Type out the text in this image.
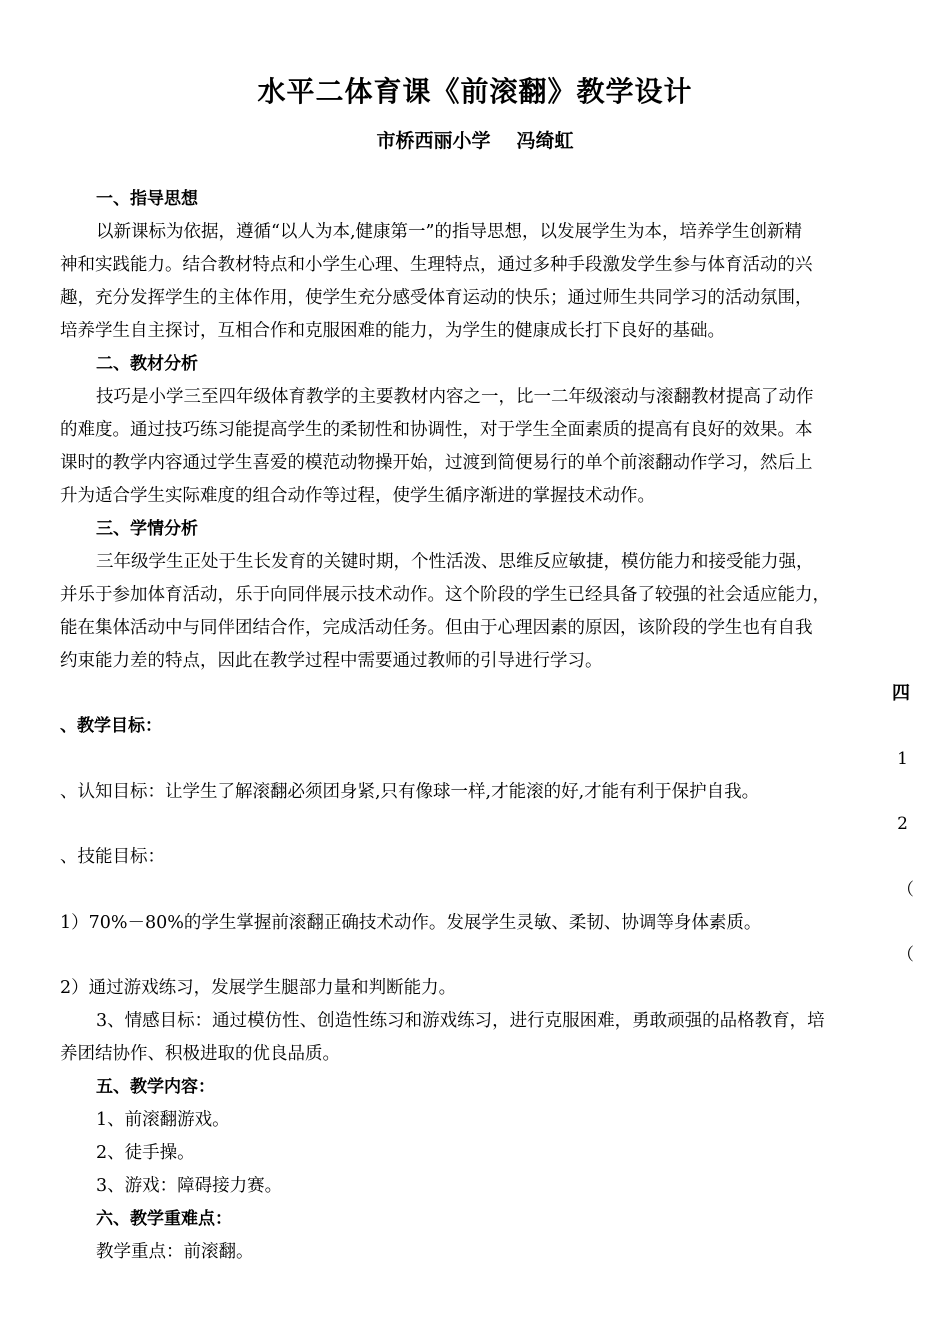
水平二体育课《前滚翻》教学设计
市桥西丽小学 冯绮虹
一、指导思想
以新课标为依据，遵循“以人为本,健康第一”的指导思想，以发展学生为本，培养学生创新精
神和实践能力。结合教材特点和小学生心理、生理特点，通过多种手段激发学生参与体育活动的兴
趣，充分发挥学生的主体作用，使学生充分感受体育运动的快乐；通过师生共同学习的活动氛围，
培养学生自主探讨，互相合作和克服困难的能力，为学生的健康成长打下良好的基础。
二、教材分析
技巧是小学三至四年级体育教学的主要教材内容之一，比一二年级滚动与滚翻教材提高了动作
的难度。通过技巧练习能提高学生的柔韧性和协调性，对于学生全面素质的提高有良好的效果。本
课时的教学内容通过学生喜爱的模范动物操开始，过渡到简便易行的单个前滚翻动作学习，然后上
升为适合学生实际难度的组合动作等过程，使学生循序渐进的掌握技术动作。
三、学情分析
三年级学生正处于生长发育的关键时期，个性活泼、思维反应敏捷，模仿能力和接受能力强，
并乐于参加体育活动，乐于向同伴展示技术动作。这个阶段的学生已经具备了较强的社会适应能力，
能在集体活动中与同伴团结合作，完成活动任务。但由于心理因素的原因，该阶段的学生也有自我
约束能力差的特点，因此在教学过程中需要通过教师的引导进行学习。
四
、教学目标：
1
、认知目标：让学生了解滚翻必须团身紧,只有像球一样,才能滚的好,才能有利于保护自我。
2
、技能目标：
（
1）70%－80%的学生掌握前滚翻正确技术动作。发展学生灵敏、柔韧、协调等身体素质。
（
2）通过游戏练习，发展学生腿部力量和判断能力。
3、情感目标：通过模仿性、创造性练习和游戏练习，进行克服困难，勇敢顽强的品格教育，培
养团结协作、积极进取的优良品质。
五、教学内容：
1、前滚翻游戏。
2、徒手操。
3、游戏：障碍接力赛。
六、教学重难点：
教学重点：前滚翻。
